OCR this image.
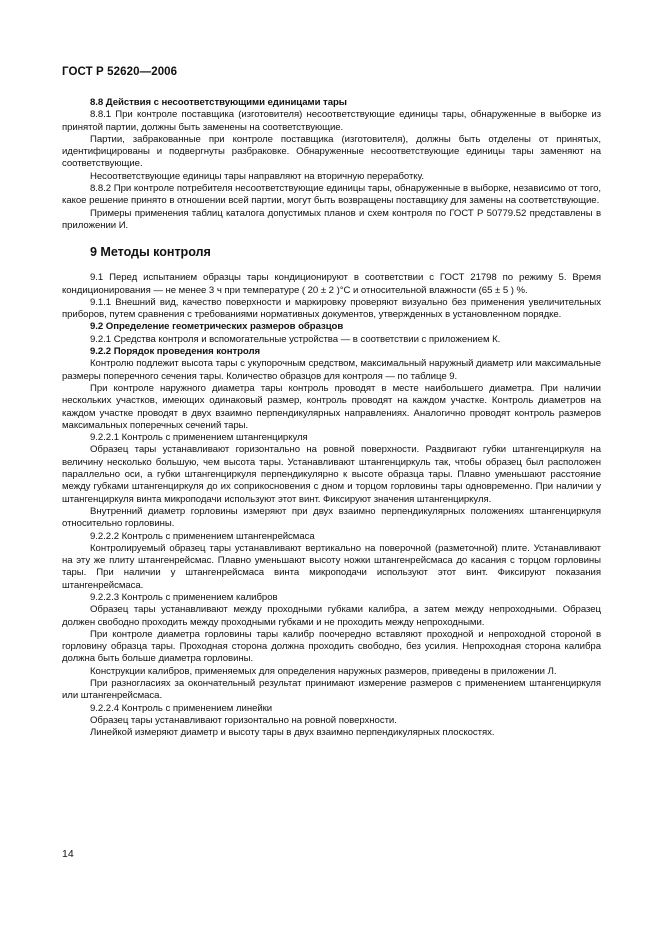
ГОСТ Р 52620—2006

8.8 Действия с несоответствующими единицами тары

8.8.1 При контроле поставщика (изготовителя) несоответствующие единицы тары, обнаруженные в выборке из принятой партии, должны быть заменены на соответствующие.

Партии, забракованные при контроле поставщика (изготовителя), должны быть отделены от принятых, идентифицированы и подвергнуты разбраковке. Обнаруженные несоответствующие единицы тары заменяют на соответствующие.

Несоответствующие единицы тары направляют на вторичную переработку.

8.8.2 При контроле потребителя несоответствующие единицы тары, обнаруженные в выборке, независимо от того, какое решение принято в отношении всей партии, могут быть возвращены поставщику для замены на соответствующие.

Примеры применения таблиц каталога допустимых планов и схем контроля по ГОСТ Р 50779.52 представлены в приложении И.

9 Методы контроля

9.1 Перед испытанием образцы тары кондиционируют в соответствии с ГОСТ 21798 по режиму 5. Время кондиционирования — не менее 3 ч при температуре ( 20 ± 2 )°С и относительной влажности (65 ± 5 ) %.

9.1.1 Внешний вид, качество поверхности и маркировку проверяют визуально без применения увеличительных приборов, путем сравнения с требованиями нормативных документов, утвержденных в установленном порядке.

9.2 Определение геометрических размеров образцов

9.2.1 Средства контроля и вспомогательные устройства — в соответствии с приложением К.

9.2.2 Порядок проведения контроля

Контролю подлежит высота тары с укупорочным средством, максимальный наружный диаметр или максимальные размеры поперечного сечения тары. Количество образцов для контроля — по таблице 9.

При контроле наружного диаметра тары контроль проводят в месте наибольшего диаметра. При наличии нескольких участков, имеющих одинаковый размер, контроль проводят на каждом участке. Контроль диаметров на каждом участке проводят в двух взаимно перпендикулярных направлениях. Аналогично проводят контроль размеров максимальных поперечных сечений тары.

9.2.2.1 Контроль с применением штангенциркуля

Образец тары устанавливают горизонтально на ровной поверхности. Раздвигают губки штангенциркуля на величину несколько большую, чем высота тары. Устанавливают штангенциркуль так, чтобы образец был расположен параллельно оси, а губки штангенциркуля перпендикулярно к высоте образца тары. Плавно уменьшают расстояние между губками штангенциркуля до их соприкосновения с дном и торцом горловины тары одновременно. При наличии у штангенциркуля винта микроподачи используют этот винт. Фиксируют значения штангенциркуля.

Внутренний диаметр горловины измеряют при двух взаимно перпендикулярных положениях штангенциркуля относительно горловины.

9.2.2.2 Контроль с применением штангенрейсмаса

Контролируемый образец тары устанавливают вертикально на поверочной (разметочной) плите. Устанавливают на эту же плиту штангенрейсмас. Плавно уменьшают высоту ножки штангенрейсмаса до касания с торцом горловины тары. При наличии у штангенрейсмаса винта микроподачи используют этот винт. Фиксируют показания штангенрейсмаса.

9.2.2.3 Контроль с применением калибров

Образец тары устанавливают между проходными губками калибра, а затем между непроходными. Образец должен свободно проходить между проходными губками и не проходить между непроходными.

При контроле диаметра горловины тары калибр поочередно вставляют проходной и непроходной стороной в горловину образца тары. Проходная сторона должна проходить свободно, без усилия. Непроходная сторона калибра должна быть больше диаметра горловины.

Конструкции калибров, применяемых для определения наружных размеров, приведены в приложении Л.

При разногласиях за окончательный результат принимают измерение размеров с применением штангенциркуля или штангенрейсмаса.

9.2.2.4 Контроль с применением линейки

Образец тары устанавливают горизонтально на ровной поверхности.

Линейкой измеряют диаметр и высоту тары в двух взаимно перпендикулярных плоскостях.

14
